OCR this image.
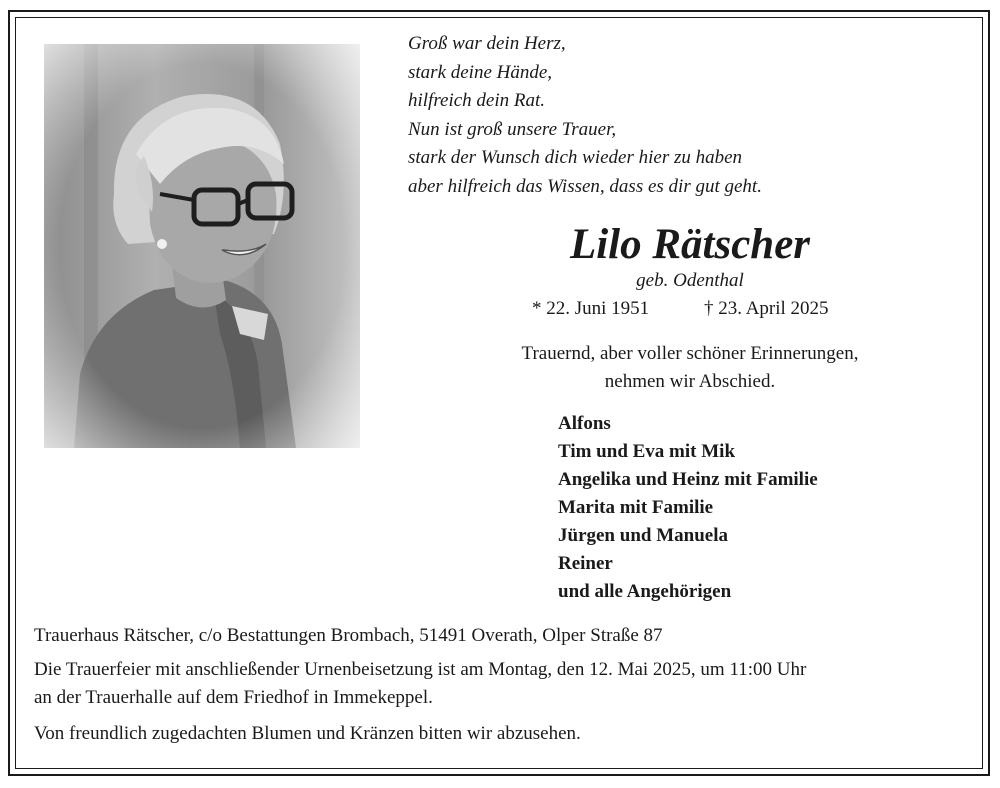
Groß war dein Herz,
stark deine Hände,
hilfreich dein Rat.
Nun ist groß unsere Trauer,
stark der Wunsch dich wieder hier zu haben
aber hilfreich das Wissen, dass es dir gut geht.
Lilo Rätscher
geb. Odenthal
* 22. Juni 1951	† 23. April 2025
Trauernd, aber voller schöner Erinnerungen,
nehmen wir Abschied.
Alfons
Tim und Eva mit Mik
Angelika und Heinz mit Familie
Marita mit Familie
Jürgen und Manuela
Reiner
und alle Angehörigen

Trauerhaus Rätscher, c/o Bestattungen Brombach, 51491 Overath, Olper Straße 87

Die Trauerfeier mit anschließender Urnenbeisetzung ist am Montag, den 12. Mai 2025, um 11:00 Uhr

an der Trauerhalle auf dem Friedhof in Immekeppel.

Von freundlich zugedachten Blumen und Kränzen bitten wir abzusehen.
